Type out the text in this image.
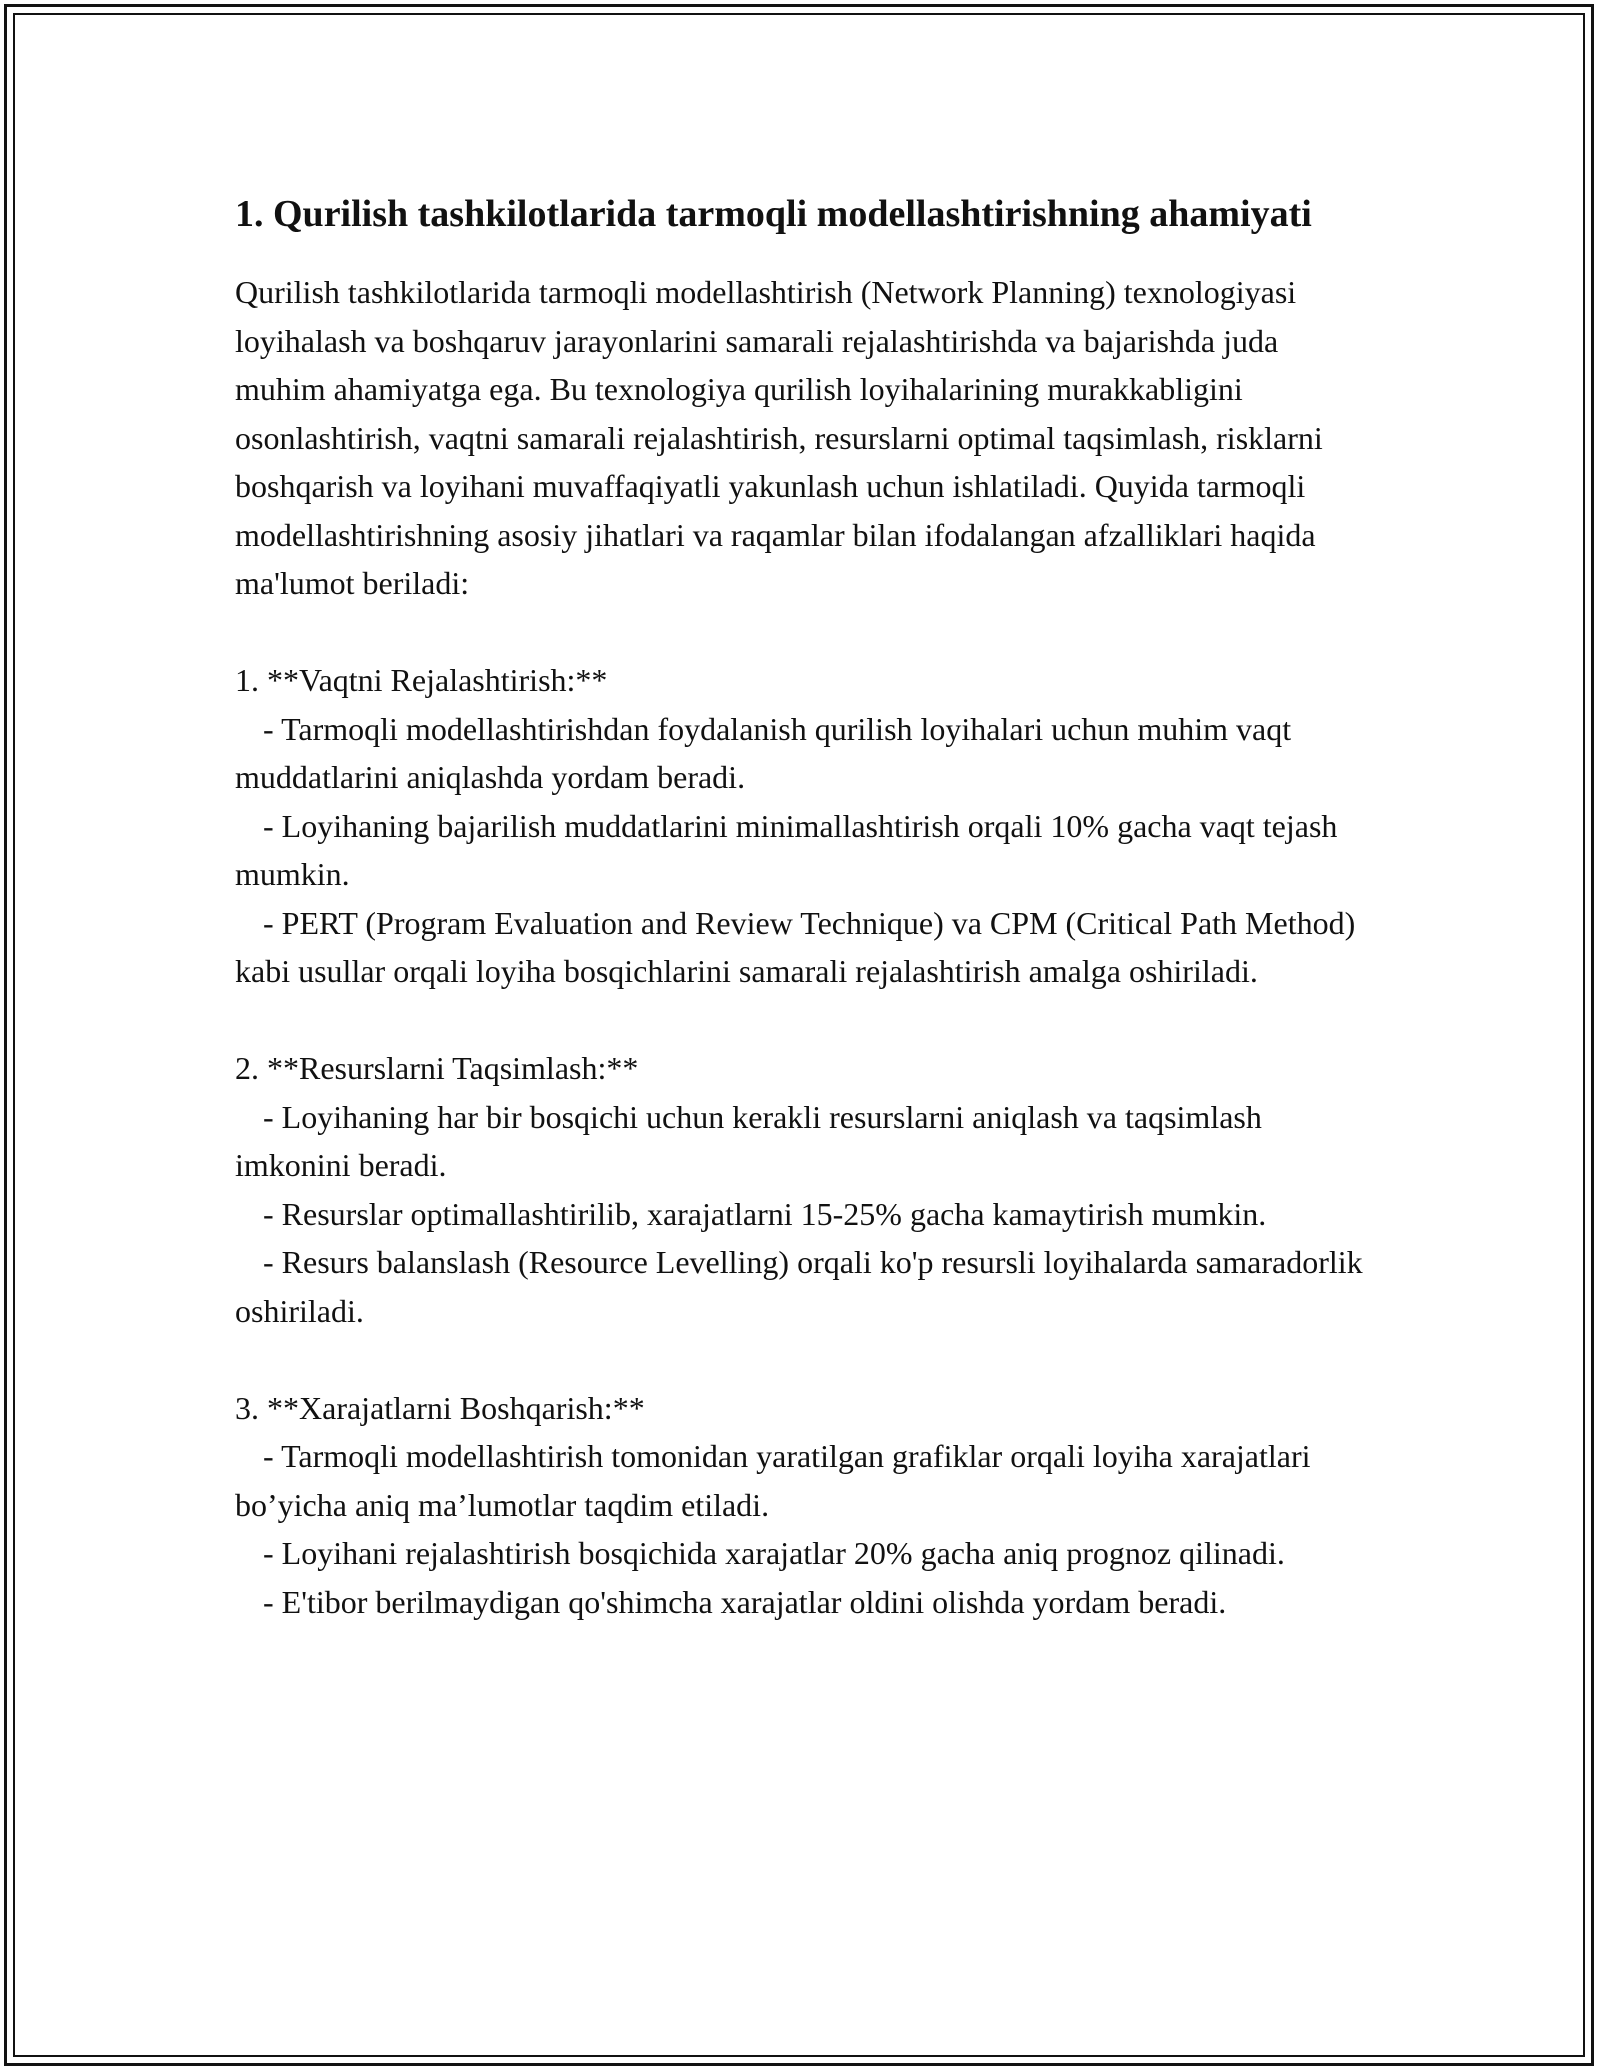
1. Qurilish tashkilotlarida tarmoqli modellashtirishning ahamiyati

Qurilish tashkilotlarida tarmoqli modellashtirish (Network Planning) texnologiyasi loyihalash va boshqaruv jarayonlarini samarali rejalashtirishda va bajarishda juda muhim ahamiyatga ega. Bu texnologiya qurilish loyihalarining murakkabligini osonlashtirish, vaqtni samarali rejalashtirish, resurslarni optimal taqsimlash, risklarni boshqarish va loyihani muvaffaqiyatli yakunlash uchun ishlatiladi. Quyida tarmoqli modellashtirishning asosiy jihatlari va raqamlar bilan ifodalangan afzalliklari haqida ma'lumot beriladi:

1. **Vaqtni Rejalashtirish:**

- Tarmoqli modellashtirishdan foydalanish qurilish loyihalari uchun muhim vaqt muddatlarini aniqlashda yordam beradi.

- Loyihaning bajarilish muddatlarini minimallashtirish orqali 10% gacha vaqt tejash mumkin.

- PERT (Program Evaluation and Review Technique) va CPM (Critical Path Method) kabi usullar orqali loyiha bosqichlarini samarali rejalashtirish amalga oshiriladi.

2. **Resurslarni Taqsimlash:**

- Loyihaning har bir bosqichi uchun kerakli resurslarni aniqlash va taqsimlash imkonini beradi.

- Resurslar optimallashtirilib, xarajatlarni 15-25% gacha kamaytirish mumkin.

- Resurs balanslash (Resource Levelling) orqali ko'p resursli loyihalarda samaradorlik oshiriladi.

3. **Xarajatlarni Boshqarish:**

- Tarmoqli modellashtirish tomonidan yaratilgan grafiklar orqali loyiha xarajatlari bo’yicha aniq ma’lumotlar taqdim etiladi.

- Loyihani rejalashtirish bosqichida xarajatlar 20% gacha aniq prognoz qilinadi.

- E'tibor berilmaydigan qo'shimcha xarajatlar oldini olishda yordam beradi.
